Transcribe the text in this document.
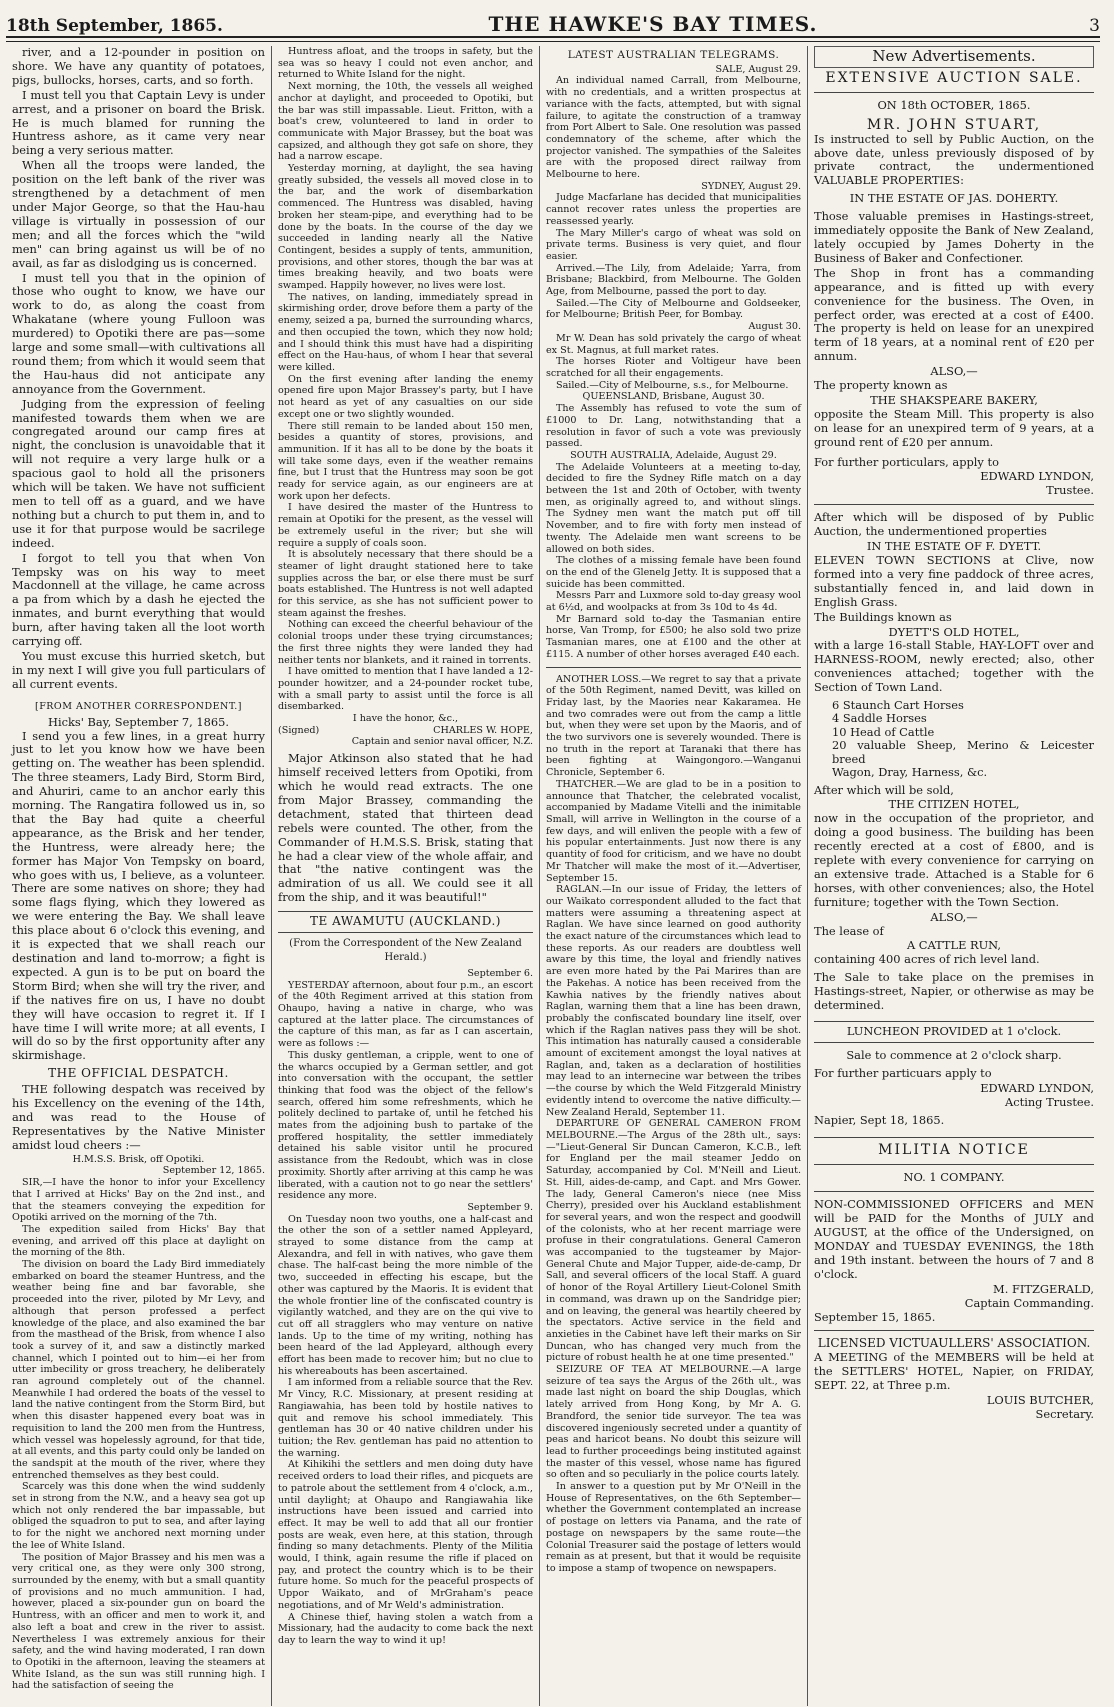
18th September, 1865.	THE HAWKE'S BAY TIMES.	3

river, and a 12-pounder in position on shore. We have any quantity of potatoes, pigs, bullocks, horses, carts, and so forth.

I must tell you that Captain Levy is under arrest, and a prisoner on board the Brisk. He is much blamed for running the Huntress ashore, as it came very near being a very serious matter.

When all the troops were landed, the position on the left bank of the river was strengthened by a detachment of men under Major George, so that the Hau-hau village is virtually in possession of our men; and all the forces which the "wild men" can bring against us will be of no avail, as far as dislodging us is concerned.

I must tell you that in the opinion of those who ought to know, we have our work to do, as along the coast from Whakatane (where young Fulloon was murdered) to Opotiki there are pas—some large and some small—with cultivations all round them; from which it would seem that the Hau-haus did not anticipate any annoyance from the Government.

Judging from the expression of feeling manifested towards them when we are congregated around our camp fires at night, the conclusion is unavoidable that it will not require a very large hulk or a spacious gaol to hold all the prisoners which will be taken. We have not sufficient men to tell off as a guard, and we have nothing but a church to put them in, and to use it for that purpose would be sacrilege indeed.

I forgot to tell you that when Von Tempsky was on his way to meet Macdonnell at the village, he came across a pa from which by a dash he ejected the inmates, and burnt everything that would burn, after having taken all the loot worth carrying off.

You must excuse this hurried sketch, but in my next I will give you full particulars of all current events.

[FROM ANOTHER CORRESPONDENT.]
Hicks' Bay, September 7, 1865.

I send you a few lines, in a great hurry just to let you know how we have been getting on. The weather has been splendid. The three steamers, Lady Bird, Storm Bird, and Ahuriri, came to an anchor early this morning. The Rangatira followed us in, so that the Bay had quite a cheerful appearance, as the Brisk and her tender, the Huntress, were already here; the former has Major Von Tempsky on board, who goes with us, I believe, as a volunteer. There are some natives on shore; they had some flags flying, which they lowered as we were entering the Bay. We shall leave this place about 6 o'clock this evening, and it is expected that we shall reach our destination and land to-morrow; a fight is expected. A gun is to be put on board the Storm Bird; when she will try the river, and if the natives fire on us, I have no doubt they will have occasion to regret it. If I have time I will write more; at all events, I will do so by the first opportunity after any skirmishage.

THE OFFICIAL DESPATCH.

THE following despatch was received by his Excellency on the evening of the 14th, and was read to the House of Representatives by the Native Minister amidst loud cheers :—

H.M.S.S. Brisk, off Opotiki.
September 12, 1865.

SIR,—I have the honor to infor your Excellency that I arrived at Hicks' Bay on the 2nd inst., and that the steamers conveying the expedition for Opotiki arrived on the morning of the 7th.

The expedition sailed from Hicks' Bay that evening, and arrived off this place at daylight on the morning of the 8th.

The division on board the Lady Bird immediately embarked on board the steamer Huntress, and the weather being fine and bar favorable, she proceeded into the river, piloted by Mr Levy, and although that person professed a perfect knowledge of the place, and also examined the bar from the masthead of the Brisk, from whence I also took a survey of it, and saw a distinctly marked channel, which I pointed out to him—ei her from utter imbecility or gross treachery, he deliberately ran aground completely out of the channel. Meanwhile I had ordered the boats of the vessel to land the native contingent from the Storm Bird, but when this disaster happened every boat was in requisition to land the 200 men from the Huntress, which vessel was hopelessly aground, for that tide, at all events, and this party could only be landed on the sandspit at the mouth of the river, where they entrenched themselves as they best could.

Scarcely was this done when the wind suddenly set in strong from the N.W., and a heavy sea got up which not only rendered the bar impassable, but obliged the squadron to put to sea, and after laying to for the night we anchored next morning under the lee of White Island.

The position of Major Brassey and his men was a very critical one, as they were only 300 strong, surrounded by the enemy, with but a small quantity of provisions and no much ammunition. I had, however, placed a six-pounder gun on board the Huntress, with an officer and men to work it, and also left a boat and crew in the river to assist. Nevertheless I was extremely anxious for their safety, and the wind having moderated, I ran down to Opotiki in the afternoon, leaving the steamers at White Island, as the sun was still running high. I had the satisfaction of seeing the

Huntress afloat, and the troops in safety, but the sea was so heavy I could not even anchor, and returned to White Island for the night.

Next morning, the 10th, the vessels all weighed anchor at daylight, and proceeded to Opotiki, but the bar was still impassable. Lieut. Fritton, with a boat's crew, volunteered to land in order to communicate with Major Brassey, but the boat was capsized, and although they got safe on shore, they had a narrow escape.

Yesterday morning, at daylight, the sea having greatly subsided, the vessels all moved close in to the bar, and the work of disembarkation commenced. The Huntress was disabled, having broken her steam-pipe, and everything had to be done by the boats. In the course of the day we succeeded in landing nearly all the Native Contingent, besides a supply of tents, ammunition, provisions, and other stores, though the bar was at times breaking heavily, and two boats were swamped. Happily however, no lives were lost.

The natives, on landing, immediately spread in skirmishing order, drove before them a party of the enemy, seized a pa, burned the surrounding wharcs, and then occupied the town, which they now hold; and I should think this must have had a dispiriting effect on the Hau-haus, of whom I hear that several were killed.

On the first evening after landing the enemy opened fire upon Major Brassey's party, but I have not heard as yet of any casualties on our side except one or two slightly wounded.

There still remain to be landed about 150 men, besides a quantity of stores, provisions, and ammunition. If it has all to be done by the boats it will take some days, even if the weather remains fine, but I trust that the Huntress may soon be got ready for service again, as our engineers are at work upon her defects.

I have desired the master of the Huntress to remain at Opotiki for the present, as the vessel will be extremely useful in the river; but she will require a supply of coals soon.

It is absolutely necessary that there should be a steamer of light draught stationed here to take supplies across the bar, or else there must be surf boats established. The Huntress is not well adapted for this service, as she has not sufficient power to steam against the freshes.

Nothing can exceed the cheerful behaviour of the colonial troops under these trying circumstances; the first three nights they were landed they had neither tents nor blankets, and it rained in torrents.

I have omitted to mention that I have landed a 12-pounder howitzer, and a 24-pounder rocket tube, with a small party to assist until the force is all disembarked.

I have the honor, &c.,
(Signed)	CHARLES W. HOPE,
Captain and senior naval officer, N.Z.

Major Atkinson also stated that he had himself received letters from Opotiki, from which he would read extracts. The one from Major Brassey, commanding the detachment, stated that thirteen dead rebels were counted. The other, from the Commander of H.M.S.S. Brisk, stating that he had a clear view of the whole affair, and that "the native contingent was the admiration of us all. We could see it all from the ship, and it was beautiful!"

TE AWAMUTU (AUCKLAND.)
(From the Correspondent of the New Zealand Herald.)
September 6.

YESTERDAY afternoon, about four p.m., an escort of the 40th Regiment arrived at this station from Ohaupo, having a native in charge, who was captured at the latter place. The circumstances of the capture of this man, as far as I can ascertain, were as follows :—

This dusky gentleman, a cripple, went to one of the wharcs occupied by a German settler, and got into conversation with the occupant, the settler thinking that food was the object of the fellow's search, offered him some refreshments, which he politely declined to partake of, until he fetched his mates from the adjoining bush to partake of the proffered hospitality, the settler immediately detained his sable visitor until he procured assistance from the Redoubt, which was in close proximity. Shortly after arriving at this camp he was liberated, with a caution not to go near the settlers' residence any more.

September 9.

On Tuesday noon two youths, one a half-cast and the other the son of a settler named Appleyard, strayed to some distance from the camp at Alexandra, and fell in with natives, who gave them chase. The half-cast being the more nimble of the two, succeeded in effecting his escape, but the other was captured by the Maoris. It is evident that the whole frontier line of the confiscated country is vigilantly watched, and they are on the qui vive to cut off all stragglers who may venture on native lands. Up to the time of my writing, nothing has been heard of the lad Appleyard, although every effort has been made to recover him; but no clue to his whereabouts has been ascertained.

I am informed from a reliable source that the Rev. Mr Vincy, R.C. Missionary, at present residing at Rangiawahia, has been told by hostile natives to quit and remove his school immediately. This gentleman has 30 or 40 native children under his tuition; the Rev. gentleman has paid no attention to the warning.

At Kihikihi the settlers and men doing duty have received orders to load their rifles, and picquets are to patrole about the settlement from 4 o'clock, a.m., until daylight; at Ohaupo and Rangiawahia like instructions have been issued and carried into effect. It may be well to add that all our frontier posts are weak, even here, at this station, through finding so many detachments. Plenty of the Militia would, I think, again resume the rifle if placed on pay, and protect the country which is to be their future home. So much for the peaceful prospects of Uppor Waikato, and of MrGraham's peace negotiations, and of Mr Weld's administration.

A Chinese thief, having stolen a watch from a Missionary, had the audacity to come back the next day to learn the way to wind it up!

LATEST AUSTRALIAN TELEGRAMS.
SALE, August 29.

An individual named Carrall, from Melbourne, with no credentials, and a written prospectus at variance with the facts, attempted, but with signal failure, to agitate the construction of a tramway from Port Albert to Sale. One resolution was passed condemnatory of the scheme, after which the projector vanished. The sympathies of the Saleites are with the proposed direct railway from Melbourne to here.

SYDNEY, August 29.

Judge Macfarlane has decided that municipalities cannot recover rates unless the properties are reassessed yearly.

The Mary Miller's cargo of wheat was sold on private terms. Business is very quiet, and flour easier.

Arrived.—The Lily, from Adelaide; Yarra, from Brisbane; Blackbird, from Melbourne. The Golden Age, from Melbourne, passed the port to day.

Sailed.—The City of Melbourne and Goldseeker, for Melbourne; British Peer, for Bombay.

August 30.

Mr W. Dean has sold privately the cargo of wheat ex St. Magnus, at full market rates.

The horses Rioter and Voltigeur have been scratched for all their engagements.

Sailed.—City of Melbourne, s.s., for Melbourne.

QUEENSLAND, Brisbane, August 30.

The Assembly has refused to vote the sum of £1000 to Dr. Lang, notwithstanding that a resolution in favor of such a vote was previously passed.

SOUTH AUSTRALIA, Adelaide, August 29.

The Adelaide Volunteers at a meeting to-day, decided to fire the Sydney Rifle match on a day between the 1st and 20th of October, with twenty men, as originally agreed to, and without slings. The Sydney men want the match put off till November, and to fire with forty men instead of twenty. The Adelaide men want screens to be allowed on both sides.

The clothes of a missing female have been found on the end of the Glenelg Jetty. It is supposed that a suicide has been committed.

Messrs Parr and Luxmore sold to-day greasy wool at 6½d, and woolpacks at from 3s 10d to 4s 4d.

Mr Barnard sold to-day the Tasmanian entire horse, Van Tromp, for £500; he also sold two prize Tasmanian mares, one at £100 and the other at £115. A number of other horses averaged £40 each.

ANOTHER LOSS.—We regret to say that a private of the 50th Regiment, named Devitt, was killed on Friday last, by the Maories near Kakaramea. He and two comrades were out from the camp a little but, when they were set upon by the Maoris, and of the two survivors one is severely wounded. There is no truth in the report at Taranaki that there has been fighting at Waingongoro.—Wanganui Chronicle, September 6.

THATCHER.—We are glad to be in a position to announce that Thatcher, the celebrated vocalist, accompanied by Madame Vitelli and the inimitable Small, will arrive in Wellington in the course of a few days, and will enliven the people with a few of his popular entertainments. Just now there is any quantity of food for criticism, and we have no doubt Mr Thatcher will make the most of it.—Advertiser, September 15.

RAGLAN.—In our issue of Friday, the letters of our Waikato correspondent alluded to the fact that matters were assuming a threatening aspect at Raglan. We have since learned on good authority the exact nature of the circumstances which lead to these reports. As our readers are doubtless well aware by this time, the loyal and friendly natives are even more hated by the Pai Marires than are the Pakehas. A notice has been received from the Kawhia natives by the friendly natives about Raglan, warning them that a line has been drawn, probably the confiscated boundary line itself, over which if the Raglan natives pass they will be shot. This intimation has naturally caused a considerable amount of excitement amongst the loyal natives at Raglan, and, taken as a declaration of hostilities may lead to an internecine war between the tribes—the course by which the Weld Fitzgerald Ministry evidently intend to overcome the native difficulty.—New Zealand Herald, September 11.

DEPARTURE OF GENERAL CAMERON FROM MELBOURNE.—The Argus of the 28th ult., says:—"Lieut-General Sir Duncan Cameron, K.C.B., left for England per the mail steamer Jeddo on Saturday, accompanied by Col. M'Neill and Lieut. St. Hill, aides-de-camp, and Capt. and Mrs Gower. The lady, General Cameron's niece (nee Miss Cherry), presided over his Auckland establishment for several years, and won the respect and goodwill of the colonists, who at her recent marriage were profuse in their congratulations. General Cameron was accompanied to the tugsteamer by Major-General Chute and Major Tupper, aide-de-camp, Dr Sall, and several officers of the local Staff. A guard of honor of the Royal Artillery Lieut-Colonel Smith in command, was drawn up on the Sandridge pier; and on leaving, the general was heartily cheered by the spectators. Active service in the field and anxieties in the Cabinet have left their marks on Sir Duncan, who has changed very much from the picture of robust health he at one time presented."

SEIZURE OF TEA AT MELBOURNE.—A large seizure of tea says the Argus of the 26th ult., was made last night on board the ship Douglas, which lately arrived from Hong Kong, by Mr A. G. Brandford, the senior tide surveyor. The tea was discovered ingeniously secreted under a quantity of peas and haricot beans. No doubt this seizure will lead to further proceedings being instituted against the master of this vessel, whose name has figured so often and so peculiarly in the police courts lately.

In answer to a question put by Mr O'Neill in the House of Representatives, on the 6th September—whether the Government contemplated an increase of postage on letters via Panama, and the rate of postage on newspapers by the same route—the Colonial Treasurer said the postage of letters would remain as at present, but that it would be requisite to impose a stamp of twopence on newspapers.

New Advertisements.
EXTENSIVE AUCTION SALE.
ON 18th OCTOBER, 1865.
MR. JOHN STUART,

Is instructed to sell by Public Auction, on the above date, unless previously disposed of by private contract, the undermentioned VALUABLE PROPERTIES:

IN THE ESTATE OF JAS. DOHERTY.

Those valuable premises in Hastings-street, immediately opposite the Bank of New Zealand, lately occupied by James Doherty in the Business of Baker and Confectioner.

The Shop in front has a commanding appearance, and is fitted up with every convenience for the business. The Oven, in perfect order, was erected at a cost of £400. The property is held on lease for an unexpired term of 18 years, at a nominal rent of £20 per annum.

ALSO,—

The property known as

THE SHAKSPEARE BAKERY,

opposite the Steam Mill. This property is also on lease for an unexpired term of 9 years, at a ground rent of £20 per annum.

For further porticulars, apply to

EDWARD LYNDON,
Trustee.

After which will be disposed of by Public Auction, the undermentioned properties

IN THE ESTATE OF F. DYETT.

ELEVEN TOWN SECTIONS at Clive, now formed into a very fine paddock of three acres, substantially fenced in, and laid down in English Grass.

The Buildings known as

DYETT'S OLD HOTEL,

with a large 16-stall Stable, HAY-LOFT over and HARNESS-ROOM, newly erected; also, other conveniences attached; together with the Section of Town Land.

6 Staunch Cart Horses
4 Saddle Horses
10 Head of Cattle
20 valuable Sheep, Merino & Leicester breed
Wagon, Dray, Harness, &c.

After which will be sold,

THE CITIZEN HOTEL,

now in the occupation of the proprietor, and doing a good business. The building has been recently erected at a cost of £800, and is replete with every convenience for carrying on an extensive trade. Attached is a Stable for 6 horses, with other conveniences; also, the Hotel furniture; together with the Town Section.

ALSO,—

The lease of

A CATTLE RUN,

containing 400 acres of rich level land.

The Sale to take place on the premises in Hastings-street, Napier, or otherwise as may be determined.

LUNCHEON PROVIDED at 1 o'clock.
Sale to commence at 2 o'clock sharp.

For further particuars apply to

EDWARD LYNDON,
Acting Trustee.
Napier, Sept 18, 1865.
MILITIA NOTICE
NO. 1 COMPANY.

NON-COMMISSIONED OFFICERS and MEN will be PAID for the Months of JULY and AUGUST, at the office of the Undersigned, on MONDAY and TUESDAY EVENINGS, the 18th and 19th instant. between the hours of 7 and 8 o'clock.

M. FITZGERALD,
Captain Commanding.
September 15, 1865.
LICENSED VICTUAULLERS' ASSOCIATION.

A MEETING of the MEMBERS will be held at the SETTLERS' HOTEL, Napier, on FRIDAY, SEPT. 22, at Three p.m.

LOUIS BUTCHER,
Secretary.
